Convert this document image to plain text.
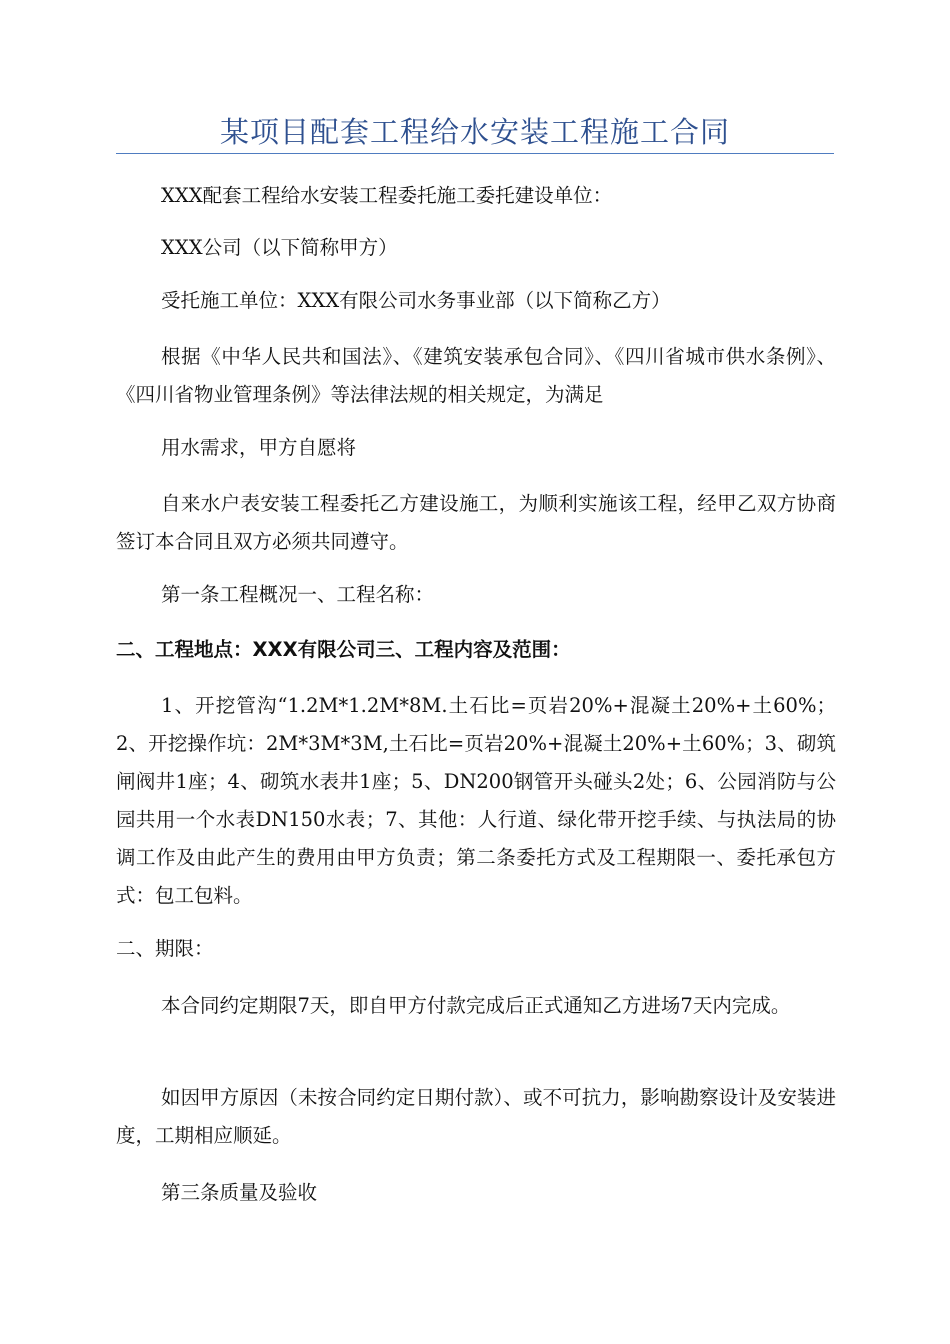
某项目配套工程给水安装工程施工合同

XXX配套工程给水安装工程委托施工委托建设单位：

XXX公司（以下简称甲方）

受托施工单位：XXX有限公司水务事业部（以下简称乙方）

根据《中华人民共和国法》、《建筑安装承包合同》、《四川省城市供水条例》、《四川省物业管理条例》等法律法规的相关规定，为满足

用水需求，甲方自愿将

自来水户表安装工程委托乙方建设施工，为顺利实施该工程，经甲乙双方协商签订本合同且双方必须共同遵守。

第一条工程概况一、工程名称：

二、工程地点：XXX有限公司三、工程内容及范围：

1、开挖管沟“1.2M*1.2M*8M.土石比=页岩20%+混凝土20%+土60%；2、开挖操作坑：2M*3M*3M,土石比=页岩20%+混凝土20%+土60%；3、砌筑闸阀井1座；4、砌筑水表井1座；5、DN200钢管开头碰头2处；6、公园消防与公园共用一个水表DN150水表；7、其他：人行道、绿化带开挖手续、与执法局的协调工作及由此产生的费用由甲方负责；第二条委托方式及工程期限一、委托承包方式：包工包料。

二、期限：

本合同约定期限7天，即自甲方付款完成后正式通知乙方进场7天内完成。

如因甲方原因（未按合同约定日期付款）、或不可抗力，影响勘察设计及安装进度，工期相应顺延。

第三条质量及验收
